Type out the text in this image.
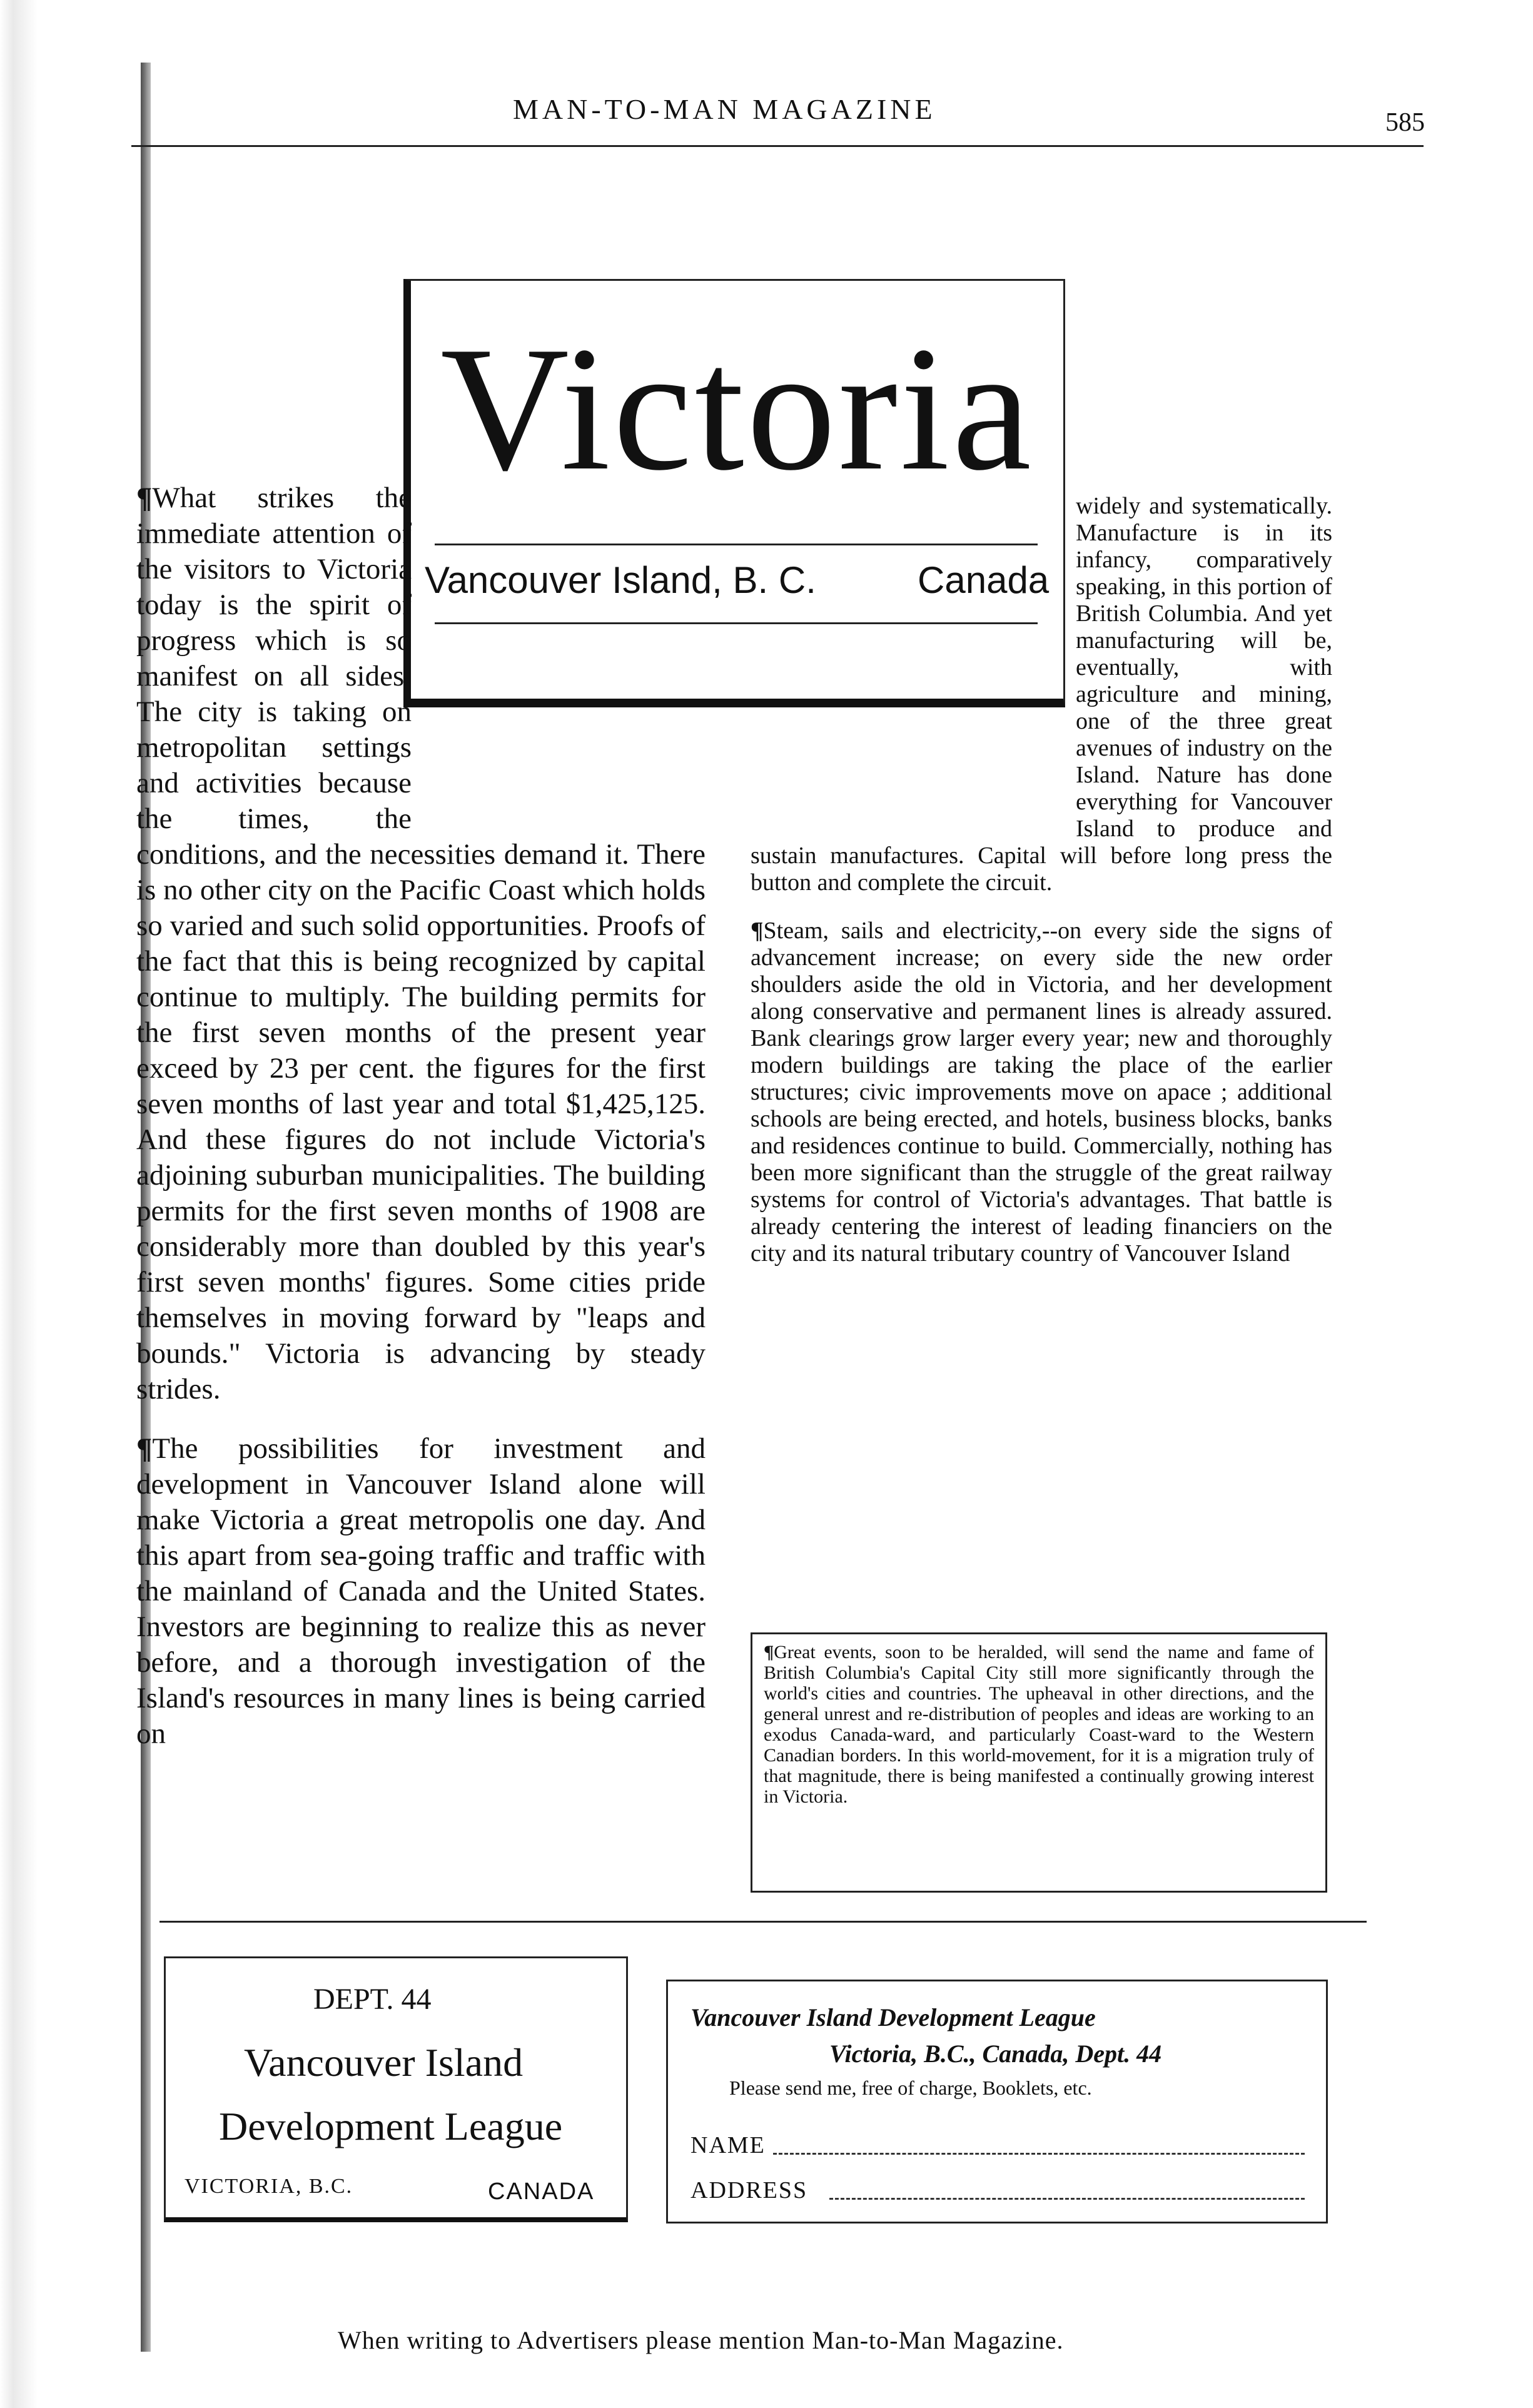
MAN-TO-MAN MAGAZINE	585
Victoria
Vancouver Island, B. C.	Canada

¶What strikes the immediate attention of the visitors to Victoria today is the spirit of progress which is so manifest on all sides. The city is taking on metropolitan settings and activities because the times, the conditions, and the necessities demand it. There is no other city on the Pacific Coast which holds so varied and such solid opportunities. Proofs of the fact that this is being recognized by capital continue to multiply. The building permits for the first seven months of the present year exceed by 23 per cent. the figures for the first seven months of last year and total $1,425,125. And these figures do not include Victoria's adjoining suburban municipalities. The building permits for the first seven months of 1908 are considerably more than doubled by this year's first seven months' figures. Some cities pride themselves in moving forward by "leaps and bounds." Victoria is advancing by steady strides.

¶The possibilities for investment and development in Vancouver Island alone will make Victoria a great metropolis one day. And this apart from sea-going traffic and traffic with the mainland of Canada and the United States. Investors are beginning to realize this as never before, and a thorough investigation of the Island's resources in many lines is being carried on

widely and systematically. Manufacture is in its infancy, comparatively speaking, in this portion of British Columbia. And yet manufacturing will be, eventually, with agriculture and mining, one of the three great avenues of industry on the Island. Nature has done everything for Vancouver Island to produce and sustain manufactures. Capital will before long press the button and complete the circuit.

¶Steam, sails and electricity,--on every side the signs of advancement increase; on every side the new order shoulders aside the old in Victoria, and her development along conservative and permanent lines is already assured. Bank clearings grow larger every year; new and thoroughly modern buildings are taking the place of the earlier structures; civic improvements move on apace ; additional schools are being erected, and hotels, business blocks, banks and residences continue to build. Commercially, nothing has been more significant than the struggle of the great railway systems for control of Victoria's advantages. That battle is already centering the interest of leading financiers on the city and its natural tributary country of Vancouver Island

¶Great events, soon to be heralded, will send the name and fame of British Columbia's Capital City still more significantly through the world's cities and countries. The upheaval in other directions, and the general unrest and re-distribution of peoples and ideas are working to an exodus Canada-ward, and particularly Coast-ward to the Western Canadian borders. In this world-movement, for it is a migration truly of that magnitude, there is being manifested a continually growing interest in Victoria.
DEPT. 44
Vancouver Island
Development League
VICTORIA, B.C.	CANADA
Vancouver Island Development League
Victoria, B.C., Canada, Dept. 44
Please send me, free of charge, Booklets, etc.
NAME
ADDRESS
When writing to Advertisers please mention Man-to-Man Magazine.
